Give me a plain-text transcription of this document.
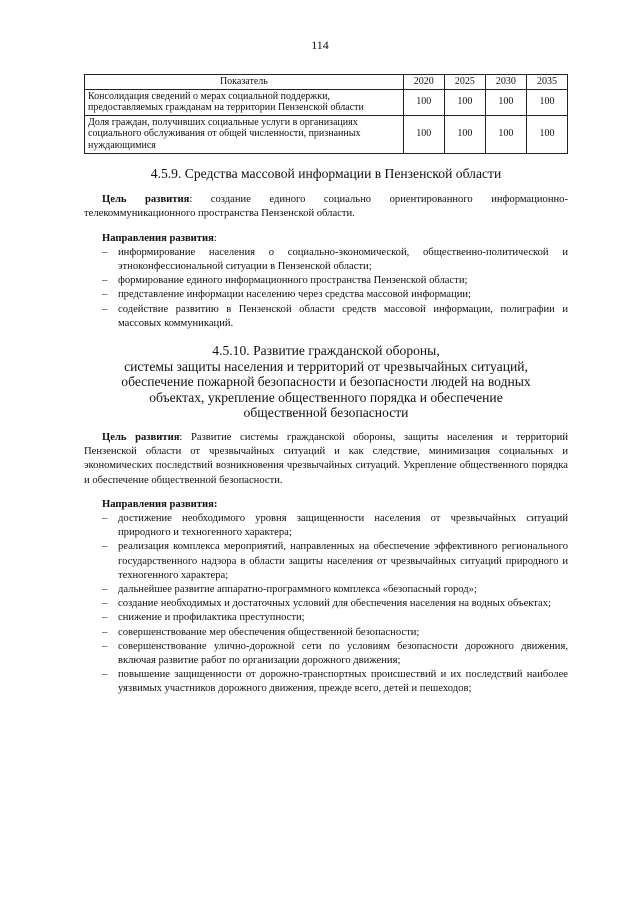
114
Показатель	2020	2025	2030	2035
Консолидация сведений о мерах социальной поддержки, предоставляемых гражданам на территории Пензенской области	100	100	100	100
Доля граждан, получивших социальные услуги в организациях социального обслуживания от общей численности, признанных нуждающимися	100	100	100	100
4.5.9. Средства массовой информации в Пензенской области

Цель развития: создание единого социально ориентированного информационно-телекоммуникационного пространства Пензенской области.

Направления развития:
– информирование населения о социально-экономической, общественно-политической и этноконфессиональной ситуации в Пензенской области;
– формирование единого информационного пространства Пензенской области;
– представление информации населению через средства массовой информации;
– содействие развитию в Пензенской области средств массовой информации, полиграфии и массовых коммуникаций.
4.5.10. Развитие гражданской обороны,
системы защиты населения и территорий от чрезвычайных ситуаций,
обеспечение пожарной безопасности и безопасности людей на водных
объектах, укрепление общественного порядка и обеспечение
общественной безопасности

Цель развития: Развитие системы гражданской обороны, защиты населения и территорий Пензенской области от чрезвычайных ситуаций и как следствие, минимизация социальных и экономических последствий возникновения чрезвычайных ситуаций. Укрепление общественного порядка и обеспечение общественной безопасности.

Направления развития:
– достижение необходимого уровня защищенности населения от чрезвычайных ситуаций природного и техногенного характера;
– реализация комплекса мероприятий, направленных на обеспечение эффективного регионального государственного надзора в области защиты населения от чрезвычайных ситуаций природного и техногенного характера;
– дальнейшее развитие аппаратно-программного комплекса «безопасный город»;
– создание необходимых и достаточных условий для обеспечения населения на водных объектах;
– снижение и профилактика преступности;
– совершенствование мер обеспечения общественной безопасности;
– совершенствование улично-дорожной сети по условиям безопасности дорожного движения, включая развитие работ по организации дорожного движения;
– повышение защищенности от дорожно-транспортных происшествий и их последствий наиболее уязвимых участников дорожного движения, прежде всего, детей и пешеходов;
